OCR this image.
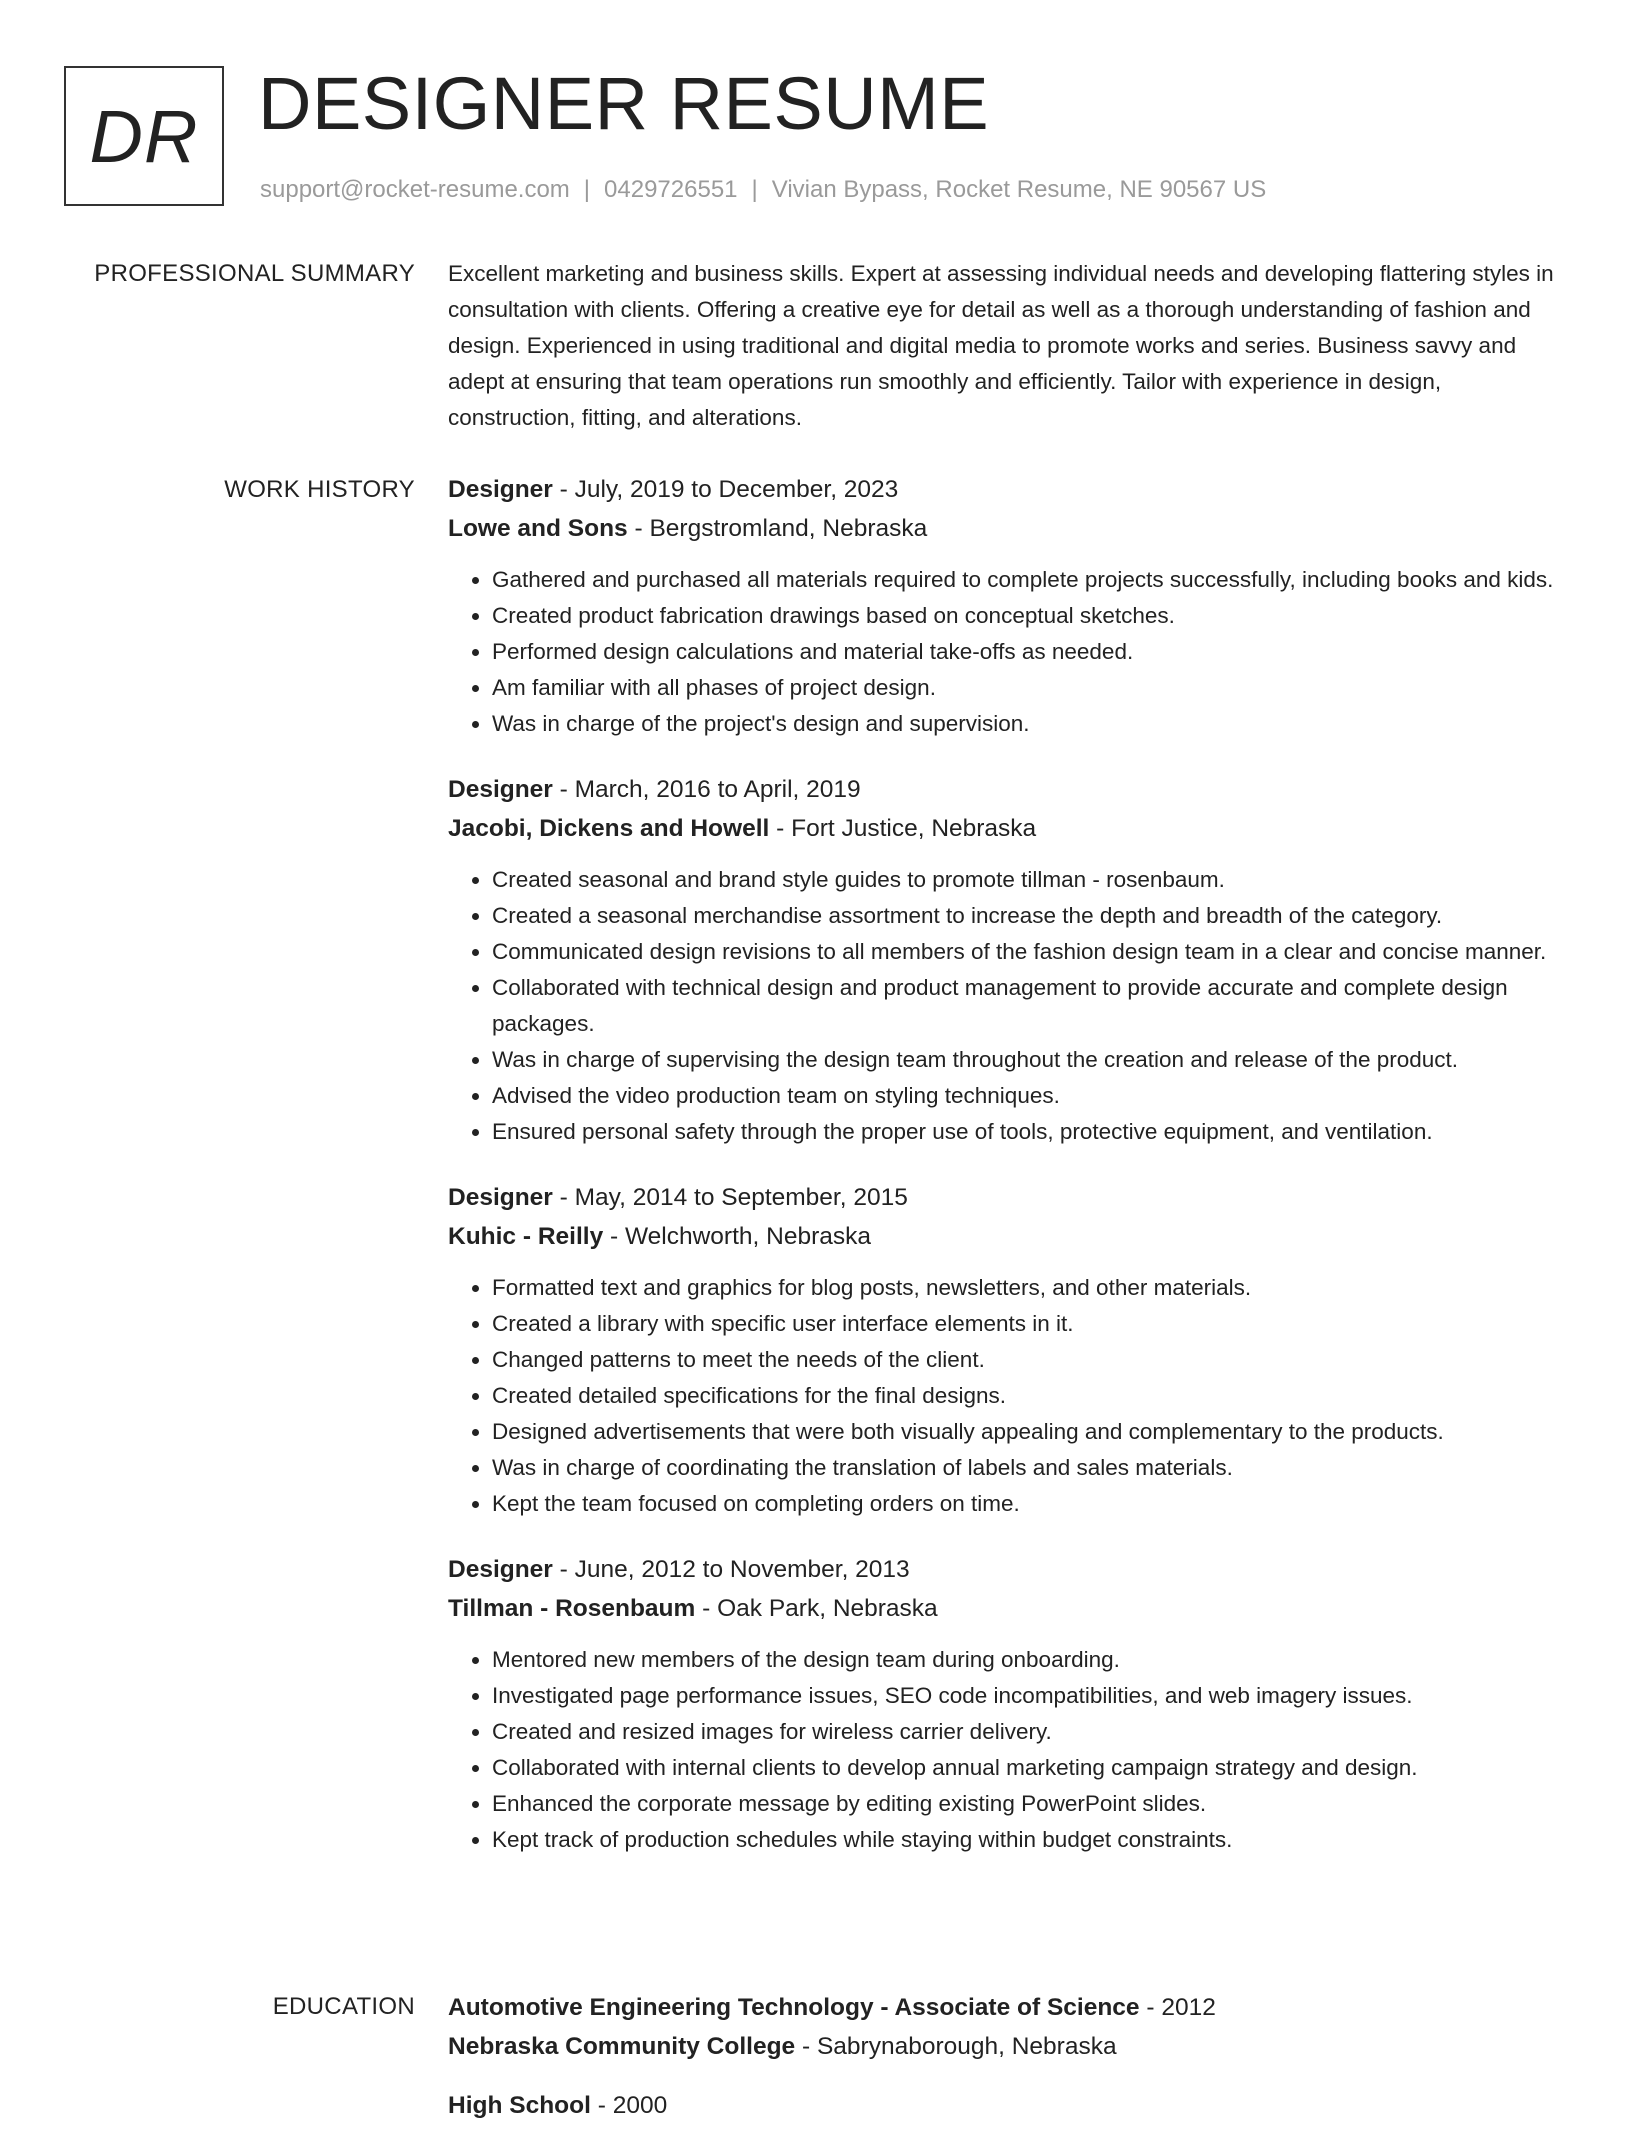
DR DESIGNER RESUME
support@rocket-resume.com | 0429726551 | Vivian Bypass, Rocket Resume, NE 90567 US
PROFESSIONAL SUMMARY Excellent marketing and business skills. Expert at assessing individual needs and developing flattering styles in consultation with clients. Offering a creative eye for detail as well as a thorough understanding of fashion and design. Experienced in using traditional and digital media to promote works and series. Business savvy and adept at ensuring that team operations run smoothly and efficiently. Tailor with experience in design, construction, fitting, and alterations.

WORK HISTORY Designer - July, 2019 to December, 2023
Lowe and Sons - Bergstromland, Nebraska
• Gathered and purchased all materials required to complete projects successfully, including books and kids.
• Created product fabrication drawings based on conceptual sketches.
• Performed design calculations and material take-offs as needed.
• Am familiar with all phases of project design.
• Was in charge of the project's design and supervision.
Designer - March, 2016 to April, 2019
Jacobi, Dickens and Howell - Fort Justice, Nebraska
• Created seasonal and brand style guides to promote tillman - rosenbaum.
• Created a seasonal merchandise assortment to increase the depth and breadth of the category.
• Communicated design revisions to all members of the fashion design team in a clear and concise manner.
• Collaborated with technical design and product management to provide accurate and complete design packages.
• Was in charge of supervising the design team throughout the creation and release of the product.
• Advised the video production team on styling techniques.
• Ensured personal safety through the proper use of tools, protective equipment, and ventilation.
Designer - May, 2014 to September, 2015
Kuhic - Reilly - Welchworth, Nebraska
• Formatted text and graphics for blog posts, newsletters, and other materials.
• Created a library with specific user interface elements in it.
• Changed patterns to meet the needs of the client.
• Created detailed specifications for the final designs.
• Designed advertisements that were both visually appealing and complementary to the products.
• Was in charge of coordinating the translation of labels and sales materials.
• Kept the team focused on completing orders on time.
Designer - June, 2012 to November, 2013
Tillman - Rosenbaum - Oak Park, Nebraska
• Mentored new members of the design team during onboarding.
• Investigated page performance issues, SEO code incompatibilities, and web imagery issues.
• Created and resized images for wireless carrier delivery.
• Collaborated with internal clients to develop annual marketing campaign strategy and design.
• Enhanced the corporate message by editing existing PowerPoint slides.
• Kept track of production schedules while staying within budget constraints.
EDUCATION Automotive Engineering Technology - Associate of Science - 2012
Nebraska Community College - Sabrynaborough, Nebraska
High School - 2000
